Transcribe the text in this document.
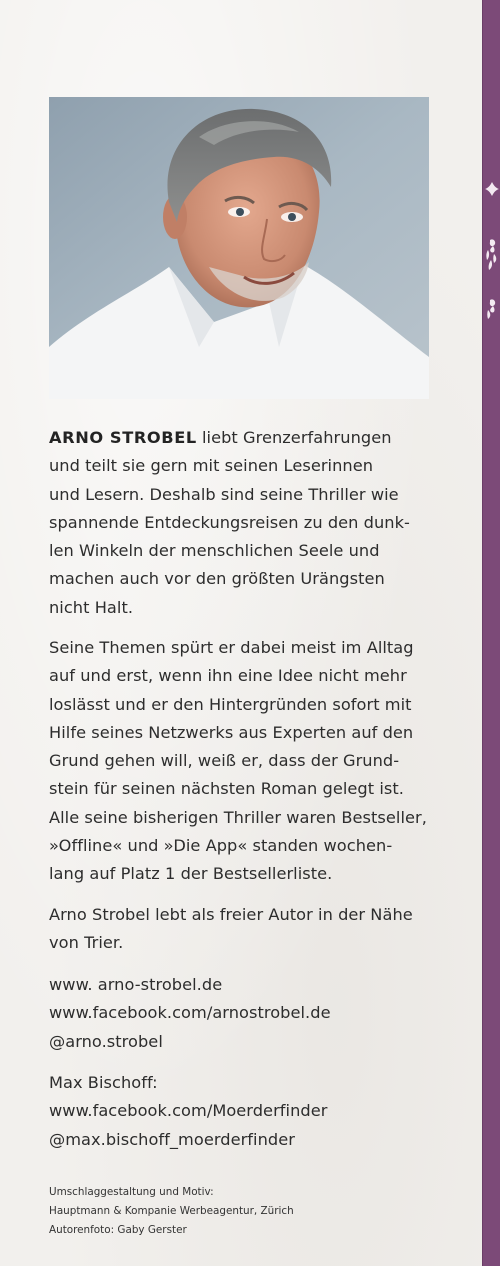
ARNO STROBEL liebt Grenzerfahrungen

und teilt sie gern mit seinen Leserinnen

und Lesern. Deshalb sind seine Thriller wie

spannende Entdeckungsreisen zu den dunk-

len Winkeln der menschlichen Seele und

machen auch vor den größten Urängsten

nicht Halt.

Seine Themen spürt er dabei meist im Alltag

auf und erst, wenn ihn eine Idee nicht mehr

loslässt und er den Hintergründen sofort mit

Hilfe seines Netzwerks aus Experten auf den

Grund gehen will, weiß er, dass der Grund-

stein für seinen nächsten Roman gelegt ist.

Alle seine bisherigen Thriller waren Bestseller,

»Offline« und »Die App« standen wochen-

lang auf Platz 1 der Bestsellerliste.

Arno Strobel lebt als freier Autor in der Nähe

von Trier.

www. arno-strobel.de

www.facebook.com/arnostrobel.de

@arno.strobel

Max Bischoff:

www.facebook.com/Moerderfinder

@max.bischoff_moerderfinder

Umschlaggestaltung und Motiv:
Hauptmann & Kompanie Werbeagentur, Zürich
Autorenfoto: Gaby Gerster
